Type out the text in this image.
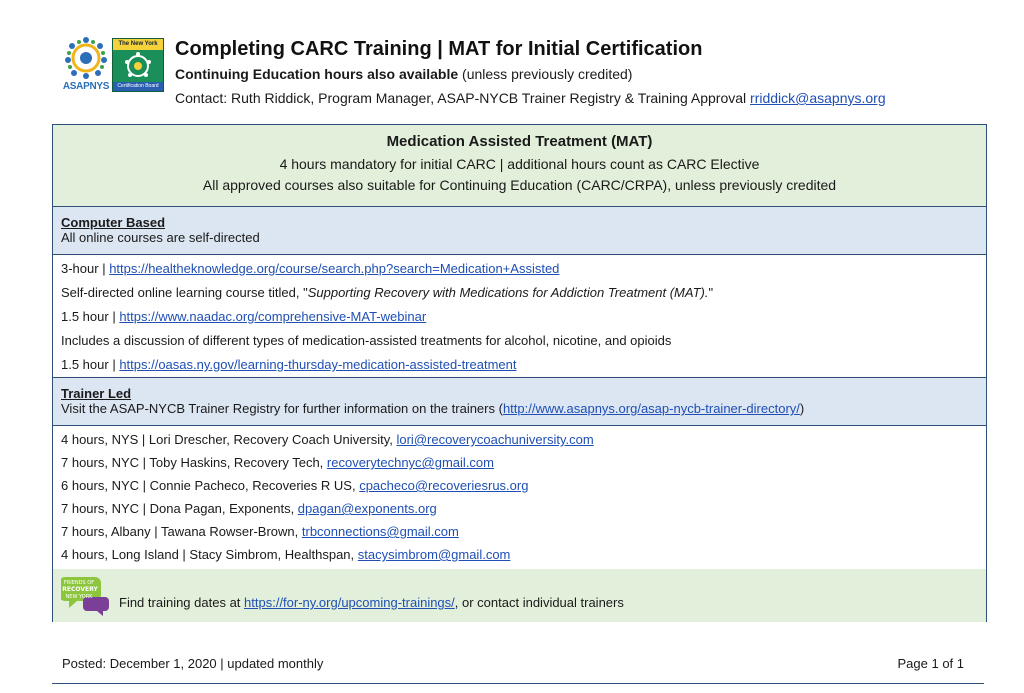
ASAPNYS
The New York
Certification Board
Completing CARC Training | MAT for Initial Certification
Continuing Education hours also available (unless previously credited)
Contact: Ruth Riddick, Program Manager, ASAP-NYCB Trainer Registry & Training Approval rriddick@asapnys.org
Medication Assisted Treatment (MAT)
4 hours mandatory for initial CARC | additional hours count as CARC Elective
All approved courses also suitable for Continuing Education (CARC/CRPA), unless previously credited
Computer Based
All online courses are self-directed
3-hour | https://healtheknowledge.org/course/search.php?search=Medication+Assisted
Self-directed online learning course titled, "Supporting Recovery with Medications for Addiction Treatment (MAT)."
1.5 hour | https://www.naadac.org/comprehensive-MAT-webinar
Includes a discussion of different types of medication-assisted treatments for alcohol, nicotine, and opioids
1.5 hour | https://oasas.ny.gov/learning-thursday-medication-assisted-treatment
Trainer Led
Visit the ASAP-NYCB Trainer Registry for further information on the trainers (http://www.asapnys.org/asap-nycb-trainer-directory/)
4 hours, NYS | Lori Drescher, Recovery Coach University, lori@recoverycoachuniversity.com
7 hours, NYC | Toby Haskins, Recovery Tech, recoverytechnyc@gmail.com
6 hours, NYC | Connie Pacheco, Recoveries R US, cpacheco@recoveriesrus.org
7 hours, NYC | Dona Pagan, Exponents, dpagan@exponents.org
7 hours, Albany | Tawana Rowser-Brown, trbconnections@gmail.com
4 hours, Long Island | Stacy Simbrom, Healthspan, stacysimbrom@gmail.com
FRIENDS OF
RECOVERY
NEW YORK Find training dates at https://for-ny.org/upcoming-trainings/, or contact individual trainers
Posted: December 1, 2020 | updated monthly	Page 1 of 1
